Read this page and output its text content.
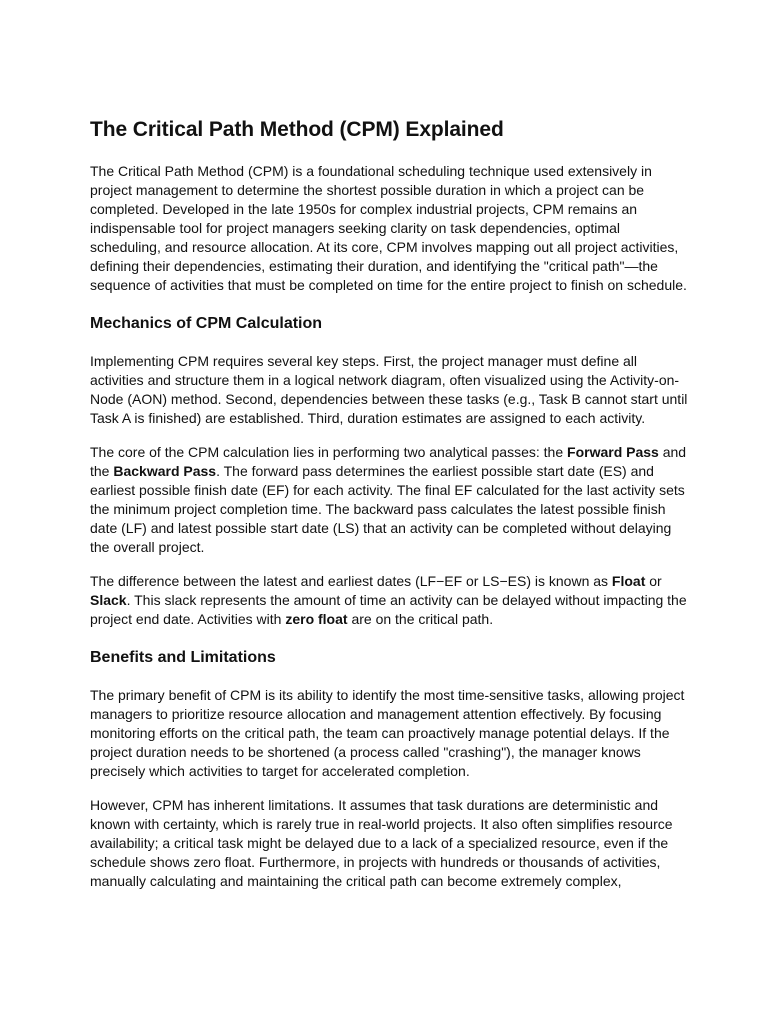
The Critical Path Method (CPM) Explained

The Critical Path Method (CPM) is a foundational scheduling technique used extensively in project management to determine the shortest possible duration in which a project can be completed. Developed in the late 1950s for complex industrial projects, CPM remains an indispensable tool for project managers seeking clarity on task dependencies, optimal scheduling, and resource allocation. At its core, CPM involves mapping out all project activities, defining their dependencies, estimating their duration, and identifying the "critical path"—the sequence of activities that must be completed on time for the entire project to finish on schedule.

Mechanics of CPM Calculation

Implementing CPM requires several key steps. First, the project manager must define all activities and structure them in a logical network diagram, often visualized using the Activity-on-Node (AON) method. Second, dependencies between these tasks (e.g., Task B cannot start until Task A is finished) are established. Third, duration estimates are assigned to each activity.

The core of the CPM calculation lies in performing two analytical passes: the Forward Pass and the Backward Pass. The forward pass determines the earliest possible start date (ES) and earliest possible finish date (EF) for each activity. The final EF calculated for the last activity sets the minimum project completion time. The backward pass calculates the latest possible finish date (LF) and latest possible start date (LS) that an activity can be completed without delaying the overall project.

The difference between the latest and earliest dates (LF−EF or LS−ES) is known as Float or Slack. This slack represents the amount of time an activity can be delayed without impacting the project end date. Activities with zero float are on the critical path.

Benefits and Limitations

The primary benefit of CPM is its ability to identify the most time-sensitive tasks, allowing project managers to prioritize resource allocation and management attention effectively. By focusing monitoring efforts on the critical path, the team can proactively manage potential delays. If the project duration needs to be shortened (a process called "crashing"), the manager knows precisely which activities to target for accelerated completion.

However, CPM has inherent limitations. It assumes that task durations are deterministic and known with certainty, which is rarely true in real-world projects. It also often simplifies resource availability; a critical task might be delayed due to a lack of a specialized resource, even if the schedule shows zero float. Furthermore, in projects with hundreds or thousands of activities, manually calculating and maintaining the critical path can become extremely complex,
